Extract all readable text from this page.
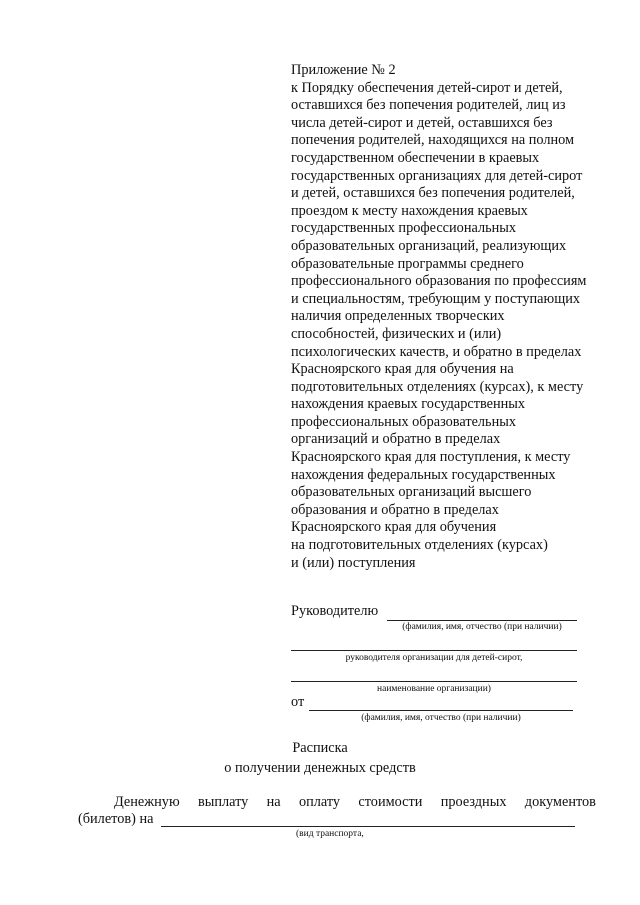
Приложение № 2
к Порядку обеспечения детей-сирот и детей,
оставшихся без попечения родителей, лиц из
числа детей-сирот и детей, оставшихся без
попечения родителей, находящихся на полном
государственном обеспечении в краевых
государственных организациях для детей-сирот
и детей, оставшихся без попечения родителей,
проездом к месту нахождения краевых
государственных профессиональных
образовательных организаций, реализующих
образовательные программы среднего
профессионального образования по профессиям
и специальностям, требующим у поступающих
наличия определенных творческих
способностей, физических и (или)
психологических качеств, и обратно в пределах
Красноярского края для обучения на
подготовительных отделениях (курсах), к месту
нахождения краевых государственных
профессиональных образовательных
организаций и обратно в пределах
Красноярского края для поступления, к месту
нахождения федеральных государственных
образовательных организаций высшего
образования и обратно в пределах
Красноярского края для обучения
на подготовительных отделениях (курсах)
и (или) поступления
Руководителю
(фамилия, имя, отчество (при наличии)
руководителя организации для детей-сирот,
наименование организации)
от
(фамилия, имя, отчество (при наличии)
Расписка
о получении денежных средств
Денежную выплату на оплату стоимости проездных документов
(билетов) на
(вид транспорта,
